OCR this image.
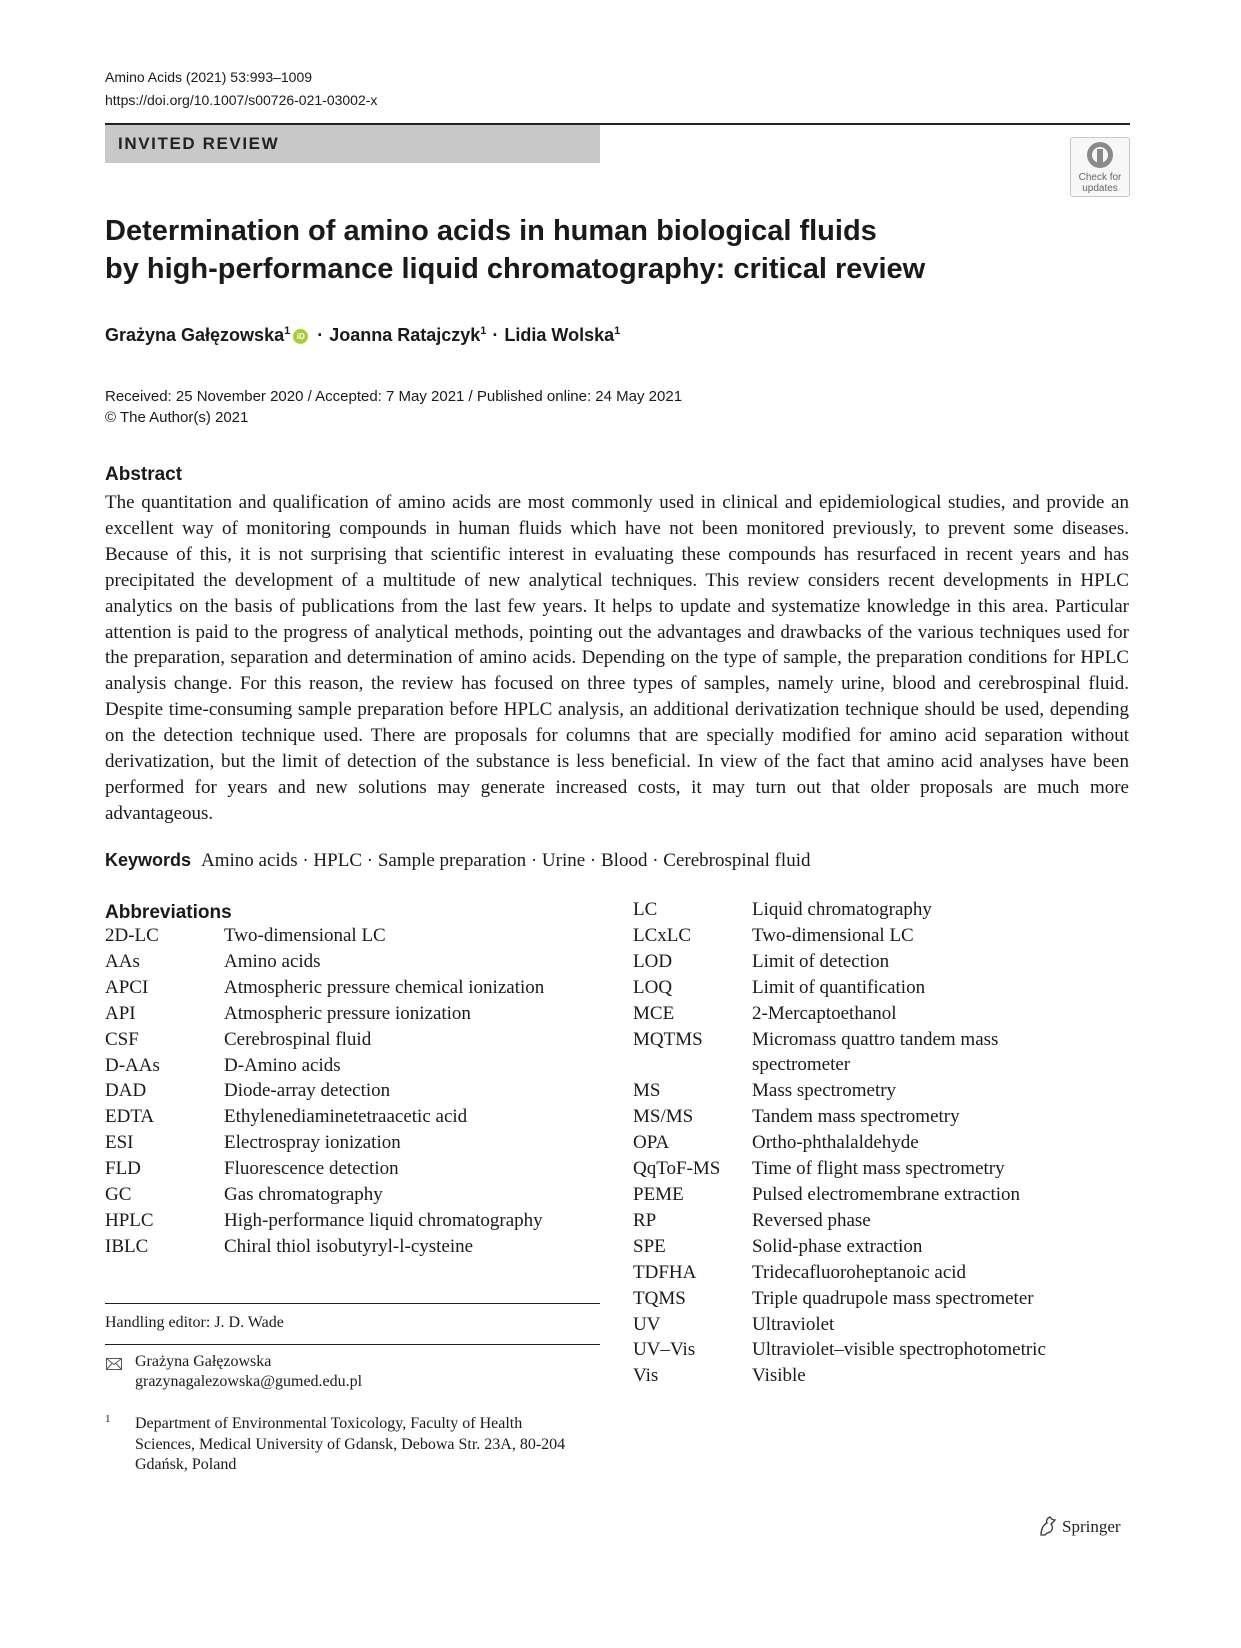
Amino Acids (2021) 53:993–1009
https://doi.org/10.1007/s00726-021-03002-x
INVITED REVIEW
Check for updates
Determination of amino acids in human biological fluids
by high-performance liquid chromatography: critical review
Grażyna Gałęzowska$^1$ iD · Joanna Ratajczyk$^1$ · Lidia Wolska$^1$
Received: 25 November 2020 / Accepted: 7 May 2021 / Published online: 24 May 2021
© The Author(s) 2021
Abstract

The quantitation and qualification of amino acids are most commonly used in clinical and epidemiological studies, and provide an excellent way of monitoring compounds in human fluids which have not been monitored previously, to prevent some diseases. Because of this, it is not surprising that scientific interest in evaluating these compounds has resurfaced in recent years and has precipitated the development of a multitude of new analytical techniques. This review considers recent developments in HPLC analytics on the basis of publications from the last few years. It helps to update and systematize knowledge in this area. Particular attention is paid to the progress of analytical methods, pointing out the advantages and drawbacks of the various techniques used for the preparation, separation and determination of amino acids. Depending on the type of sample, the preparation conditions for HPLC analysis change. For this reason, the review has focused on three types of samples, namely urine, blood and cerebrospinal fluid. Despite time-consuming sample preparation before HPLC analysis, an additional derivatization technique should be used, depending on the detection technique used. There are proposals for columns that are specially modified for amino acid separation without derivatization, but the limit of detection of the substance is less beneficial. In view of the fact that amino acid analyses have been performed for years and new solutions may generate increased costs, it may turn out that older proposals are much more advantageous.

Keywords Amino acids · HPLC · Sample preparation · Urine · Blood · Cerebrospinal fluid
Abbreviations
2D-LC	Two-dimensional LC
AAs	Amino acids
APCI	Atmospheric pressure chemical ionization
API	Atmospheric pressure ionization
CSF	Cerebrospinal fluid
D-AAs	D-Amino acids
DAD	Diode-array detection
EDTA	Ethylenediaminetetraacetic acid
ESI	Electrospray ionization
FLD	Fluorescence detection
GC	Gas chromatography
HPLC	High-performance liquid chromatography
IBLC	Chiral thiol isobutyryl-l-cysteine
LC	Liquid chromatography
LCxLC	Two-dimensional LC
LOD	Limit of detection
LOQ	Limit of quantification
MCE	2-Mercaptoethanol
MQTMS	Micromass quattro tandem mass spectrometer
MS	Mass spectrometry
MS/MS	Tandem mass spectrometry
OPA	Ortho-phthalaldehyde
QqToF-MS Time of flight mass spectrometry
PEME	Pulsed electromembrane extraction
RP	Reversed phase
SPE	Solid-phase extraction
TDFHA	Tridecafluoroheptanoic acid
TQMS	Triple quadrupole mass spectrometer
UV	Ultraviolet
UV–Vis	Ultraviolet–visible spectrophotometric
Vis	Visible
Handling editor: J. D. Wade
Grażyna Gałęzowska
grazynagalezowska@gumed.edu.pl
1 Department of Environmental Toxicology, Faculty of Health Sciences, Medical University of Gdansk, Debowa Str. 23A, 80-204 Gdańsk, Poland
Springer
